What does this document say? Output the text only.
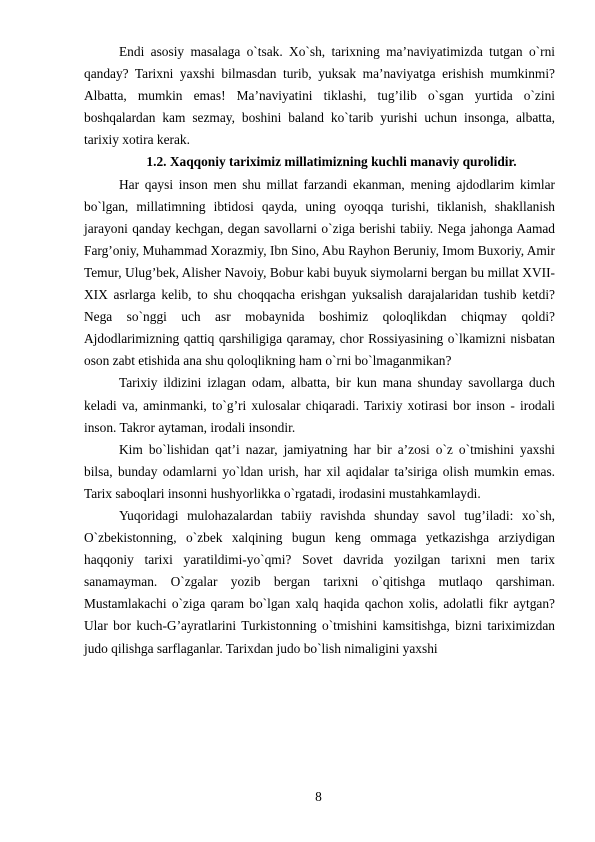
Endi asosiy masalaga o`tsak. Xo`sh, tarixning ma’naviyatimizda tutgan o`rni qanday? Tarixni yaxshi bilmasdan turib, yuksak ma’naviyatga erishish mumkinmi? Albatta, mumkin emas! Ma’naviyatini tiklashi, tug’ilib o`sgan yurtida o`zini boshqalardan kam sezmay, boshini baland ko`tarib yurishi uchun insonga, albatta, tarixiy xotira kerak.

1.2. Xaqqoniy tariximiz millatimizning kuchli manaviy qurolidir.

Har qaysi inson men shu millat farzandi ekanman, mening ajdodlarim kimlar bo`lgan, millatimning ibtidosi qayda, uning oyoqqa turishi, tiklanish, shakllanish jarayoni qanday kechgan, degan savollarni o`ziga berishi tabiiy. Nega jahonga Aamad Farg’oniy, Muhammad Xorazmiy, Ibn Sino, Abu Rayhon Beruniy, Imom Buxoriy, Amir Temur, Ulug’bek, Alisher Navoiy, Bobur kabi buyuk siymolarni bergan bu millat XVII-XIX asrlarga kelib, to shu choqqacha erishgan yuksalish darajalaridan tushib ketdi? Nega so`nggi uch asr mobaynida boshimiz qoloqlikdan chiqmay qoldi? Ajdodlarimizning qattiq qarshiligiga qaramay, chor Rossiyasining o`lkamizni nisbatan oson zabt etishida ana shu qoloqlikning ham o`rni bo`lmaganmikan?

Tarixiy ildizini izlagan odam, albatta, bir kun mana shunday savollarga duch keladi va, aminmanki, to`g’ri xulosalar chiqaradi. Tarixiy xotirasi bor inson - irodali inson. Takror aytaman, irodali insondir.

Kim bo`lishidan qat’i nazar, jamiyatning har bir a’zosi o`z o`tmishini yaxshi bilsa, bunday odamlarni yo`ldan urish, har xil aqidalar ta’siriga olish mumkin emas. Tarix saboqlari insonni hushyorlikka o`rgatadi, irodasini mustahkamlaydi.

Yuqoridagi mulohazalardan tabiiy ravishda shunday savol tug’iladi: xo`sh, O`zbekistonning, o`zbek xalqining bugun keng ommaga yetkazishga arziydigan haqqoniy tarixi yaratildimi-yo`qmi? Sovet davrida yozilgan tarixni men tarix sanamayman. O`zgalar yozib bergan tarixni o`qitishga mutlaqo qarshiman. Mustamlakachi o`ziga qaram bo`lgan xalq haqida qachon xolis, adolatli fikr aytgan? Ular bor kuch-G’ayratlarini Turkistonning o`tmishini kamsitishga, bizni tariximizdan judo qilishga sarflaganlar. Tarixdan judo bo`lish nimaligini yaxshi

8
